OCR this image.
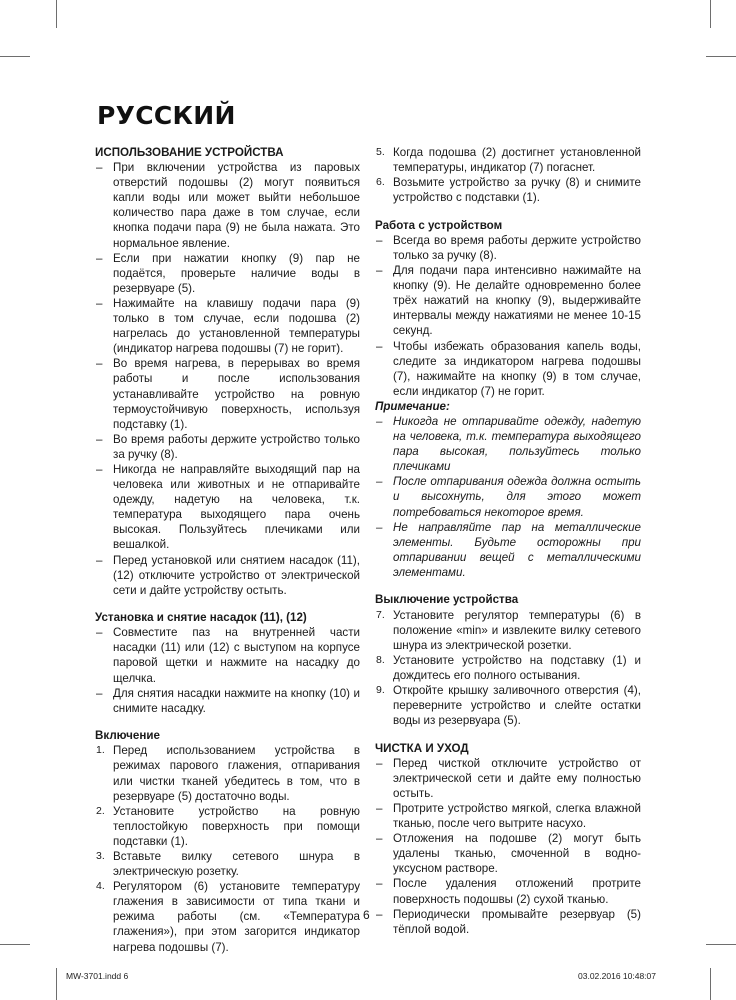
РУССКИЙ
ИСПОЛЬЗОВАНИЕ УСТРОЙСТВА
– При включении устройства из паровых отверстий подошвы (2) могут появиться капли воды или может выйти небольшое количество пара даже в том случае, если кнопка подачи пара (9) не была нажата. Это нормальное явление.
– Если при нажатии кнопку (9) пар не подаётся, проверьте наличие воды в резервуаре (5).
– Нажимайте на клавишу подачи пара (9) только в том случае, если подошва (2) нагрелась до установленной температуры (индикатор нагрева подошвы (7) не горит).
– Во время нагрева, в перерывах во время работы и после использования устанавливайте устройство на ровную термоустойчивую поверхность, используя подставку (1).
– Во время работы держите устройство только за ручку (8).
– Никогда не направляйте выходящий пар на человека или животных и не отпаривайте одежду, надетую на человека, т.к. температура выходящего пара очень высокая. Пользуйтесь плечиками или вешалкой.
– Перед установкой или снятием насадок (11), (12) отключите устройство от электрической сети и дайте устройству остыть.
Установка и снятие насадок (11), (12)
– Совместите паз на внутренней части насадки (11) или (12) с выступом на корпусе паровой щетки и нажмите на насадку до щелчка.
– Для снятия насадки нажмите на кнопку (10) и снимите насадку.
Включение
1. Перед использованием устройства в режимах парового глажения, отпаривания или чистки тканей убедитесь в том, что в резервуаре (5) достаточно воды.
2. Установите устройство на ровную теплостойкую поверхность при помощи подставки (1).
3. Вставьте вилку сетевого шнура в электрическую розетку.
4. Регулятором (6) установите температуру глажения в зависимости от типа ткани и режима работы (см. «Температура глажения»), при этом загорится индикатор нагрева подошвы (7).
5. Когда подошва (2) достигнет установленной температуры, индикатор (7) погаснет.
6. Возьмите устройство за ручку (8) и снимите устройство с подставки (1).
Работа с устройством
– Всегда во время работы держите устройство только за ручку (8).
– Для подачи пара интенсивно нажимайте на кнопку (9). Не делайте одновременно более трёх нажатий на кнопку (9), выдерживайте интервалы между нажатиями не менее 10-15 секунд.
– Чтобы избежать образования капель воды, следите за индикатором нагрева подошвы (7), нажимайте на кнопку (9) в том случае, если индикатор (7) не горит.
Примечание:
– Никогда не отпаривайте одежду, надетую на человека, т.к. температура выходящего пара высокая, пользуйтесь только плечиками
– После отпаривания одежда должна остыть и высохнуть, для этого может потребоваться некоторое время.
– Не направляйте пар на металлические элементы. Будьте осторожны при отпаривании вещей с металлическими элементами.
Выключение устройства
7. Установите регулятор температуры (6) в положение «min» и извлеките вилку сетевого шнура из электрической розетки.
8. Установите устройство на подставку (1) и дождитесь его полного остывания.
9. Откройте крышку заливочного отверстия (4), переверните устройство и слейте остатки воды из резервуара (5).
ЧИСТКА И УХОД
– Перед чисткой отключите устройство от электрической сети и дайте ему полностью остыть.
– Протрите устройство мягкой, слегка влажной тканью, после чего вытрите насухо.
– Отложения на подошве (2) могут быть удалены тканью, смоченной в водно-уксусном растворе.
– После удаления отложений протрите поверхность подошвы (2) сухой тканью.
– Периодически промывайте резервуар (5) тёплой водой.
6
MW-3701.indd 6	03.02.2016 10:48:07
